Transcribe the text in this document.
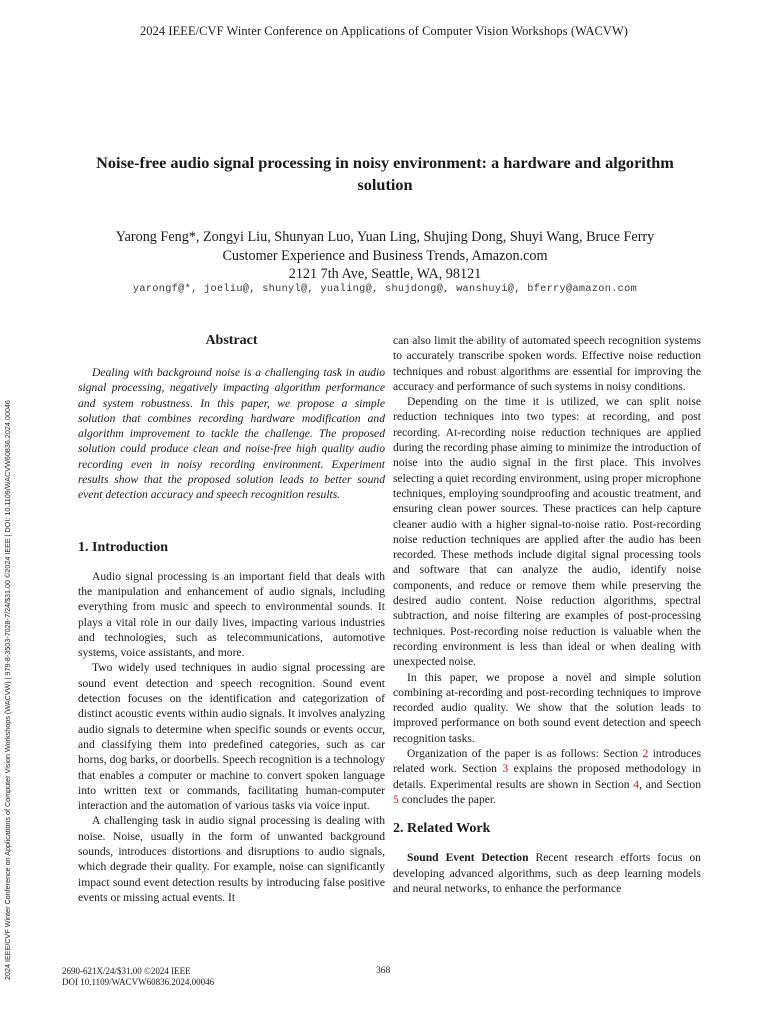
2024 IEEE/CVF Winter Conference on Applications of Computer Vision Workshops (WACVW)
2024 IEEE/CVF Winter Conference on Applications of Computer Vision Workshops (WACVW) | 979-8-3503-7028-7/24/$31.00 ©2024 IEEE | DOI: 10.1109/WACVW60836.2024.00046
Noise-free audio signal processing in noisy environment: a hardware and algorithm solution
Yarong Feng*, Zongyi Liu, Shunyan Luo, Yuan Ling, Shujing Dong, Shuyi Wang, Bruce Ferry
Customer Experience and Business Trends, Amazon.com
2121 7th Ave, Seattle, WA, 98121
yarongf@*, joeliu@, shunyl@, yualing@, shujdong@, wanshuyi@, bferry@amazon.com
Abstract

Dealing with background noise is a challenging task in audio signal processing, negatively impacting algorithm performance and system robustness. In this paper, we propose a simple solution that combines recording hardware modification and algorithm improvement to tackle the challenge. The proposed solution could produce clean and noise-free high quality audio recording even in noisy recording environment. Experiment results show that the proposed solution leads to better sound event detection accuracy and speech recognition results.

1. Introduction

Audio signal processing is an important field that deals with the manipulation and enhancement of audio signals, including everything from music and speech to environmental sounds. It plays a vital role in our daily lives, impacting various industries and technologies, such as telecommunications, automotive systems, voice assistants, and more.

Two widely used techniques in audio signal processing are sound event detection and speech recognition. Sound event detection focuses on the identification and categorization of distinct acoustic events within audio signals. It involves analyzing audio signals to determine when specific sounds or events occur, and classifying them into predefined categories, such as car horns, dog barks, or doorbells. Speech recognition is a technology that enables a computer or machine to convert spoken language into written text or commands, facilitating human-computer interaction and the automation of various tasks via voice input.

A challenging task in audio signal processing is dealing with noise. Noise, usually in the form of unwanted background sounds, introduces distortions and disruptions to audio signals, which degrade their quality. For example, noise can significantly impact sound event detection results by introducing false positive events or missing actual events. It

can also limit the ability of automated speech recognition systems to accurately transcribe spoken words. Effective noise reduction techniques and robust algorithms are essential for improving the accuracy and performance of such systems in noisy conditions.

Depending on the time it is utilized, we can split noise reduction techniques into two types: at recording, and post recording. At-recording noise reduction techniques are applied during the recording phase aiming to minimize the introduction of noise into the audio signal in the first place. This involves selecting a quiet recording environment, using proper microphone techniques, employing soundproofing and acoustic treatment, and ensuring clean power sources. These practices can help capture cleaner audio with a higher signal-to-noise ratio. Post-recording noise reduction techniques are applied after the audio has been recorded. These methods include digital signal processing tools and software that can analyze the audio, identify noise components, and reduce or remove them while preserving the desired audio content. Noise reduction algorithms, spectral subtraction, and noise filtering are examples of post-processing techniques. Post-recording noise reduction is valuable when the recording environment is less than ideal or when dealing with unexpected noise.

In this paper, we propose a novel and simple solution combining at-recording and post-recording techniques to improve recorded audio quality. We show that the solution leads to improved performance on both sound event detection and speech recognition tasks.

Organization of the paper is as follows: Section 2 introduces related work. Section 3 explains the proposed methodology in details. Experimental results are shown in Section 4, and Section 5 concludes the paper.

2. Related Work

Sound Event Detection Recent research efforts focus on developing advanced algorithms, such as deep learning models and neural networks, to enhance the performance

2690-621X/24/$31.00 ©2024 IEEE
DOI 10.1109/WACVW60836.2024.00046
368
